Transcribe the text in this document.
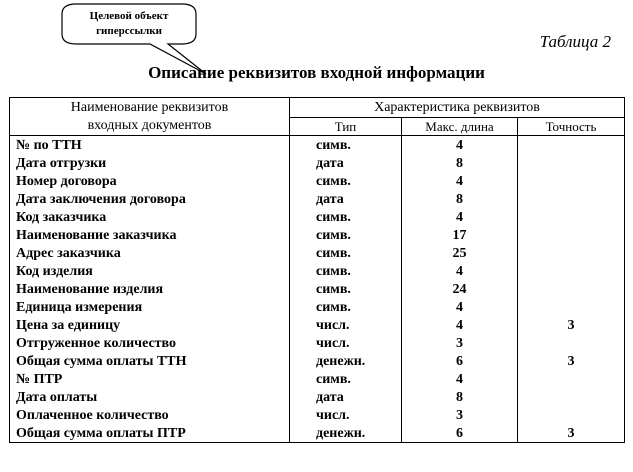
Целевой объект
гиперссылки
Таблица 2
Описание реквизитов входной информации
Наименование реквизитов
входных документов	Характеристика реквизитов		
	Тип	Макс. длина	Точность
№ по ТТН	симв.	4	
Дата отгрузки	дата	8	
Номер договора	симв.	4	
Дата заключения договора	дата	8	
Код заказчика	симв.	4	
Наименование заказчика	симв.	17	
Адрес заказчика	симв.	25	
Код изделия	симв.	4	
Наименование изделия	симв.	24	
Единица измерения	симв.	4	
Цена за единицу	числ.	4	3
Отгруженное количество	числ.	3	
Общая сумма оплаты ТТН	денежн.	6	3
№ ПТР	симв.	4	
Дата оплаты	дата	8	
Оплаченное количество	числ.	3	
Общая сумма оплаты ПТР	денежн.	6	3
